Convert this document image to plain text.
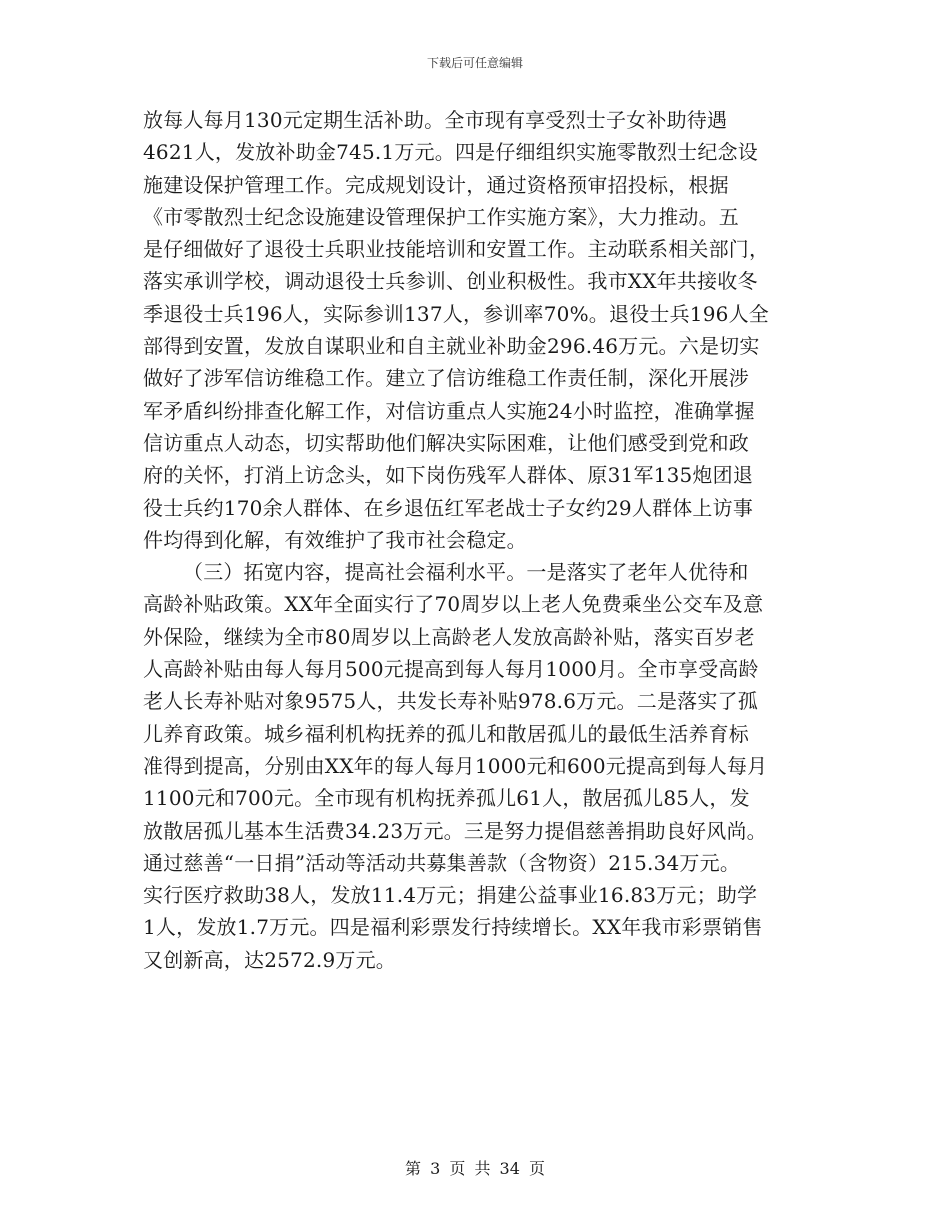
下载后可任意编辑
放每人每月130元定期生活补助。全市现有享受烈士子女补助待遇
4621人，发放补助金745.1万元。四是仔细组织实施零散烈士纪念设
施建设保护管理工作。完成规划设计，通过资格预审招投标，根据
《市零散烈士纪念设施建设管理保护工作实施方案》，大力推动。五
是仔细做好了退役士兵职业技能培训和安置工作。主动联系相关部门，
落实承训学校，调动退役士兵参训、创业积极性。我市XX年共接收冬
季退役士兵196人，实际参训137人，参训率70%。退役士兵196人全
部得到安置，发放自谋职业和自主就业补助金296.46万元。六是切实
做好了涉军信访维稳工作。建立了信访维稳工作责任制，深化开展涉
军矛盾纠纷排查化解工作，对信访重点人实施24小时监控，准确掌握
信访重点人动态，切实帮助他们解决实际困难，让他们感受到党和政
府的关怀，打消上访念头，如下岗伤残军人群体、原31军135炮团退
役士兵约170余人群体、在乡退伍红军老战士子女约29人群体上访事
件均得到化解，有效维护了我市社会稳定。
（三）拓宽内容，提高社会福利水平。一是落实了老年人优待和
高龄补贴政策。XX年全面实行了70周岁以上老人免费乘坐公交车及意
外保险，继续为全市80周岁以上高龄老人发放高龄补贴，落实百岁老
人高龄补贴由每人每月500元提高到每人每月1000月。全市享受高龄
老人长寿补贴对象9575人，共发长寿补贴978.6万元。二是落实了孤
儿养育政策。城乡福利机构抚养的孤儿和散居孤儿的最低生活养育标
准得到提高，分别由XX年的每人每月1000元和600元提高到每人每月
1100元和700元。全市现有机构抚养孤儿61人，散居孤儿85人，发
放散居孤儿基本生活费34.23万元。三是努力提倡慈善捐助良好风尚。
通过慈善“一日捐”活动等活动共募集善款（含物资）215.34万元。
实行医疗救助38人，发放11.4万元；捐建公益事业16.83万元；助学
1人，发放1.7万元。四是福利彩票发行持续增长。XX年我市彩票销售
又创新高，达2572.9万元。
第 3 页 共 34 页
